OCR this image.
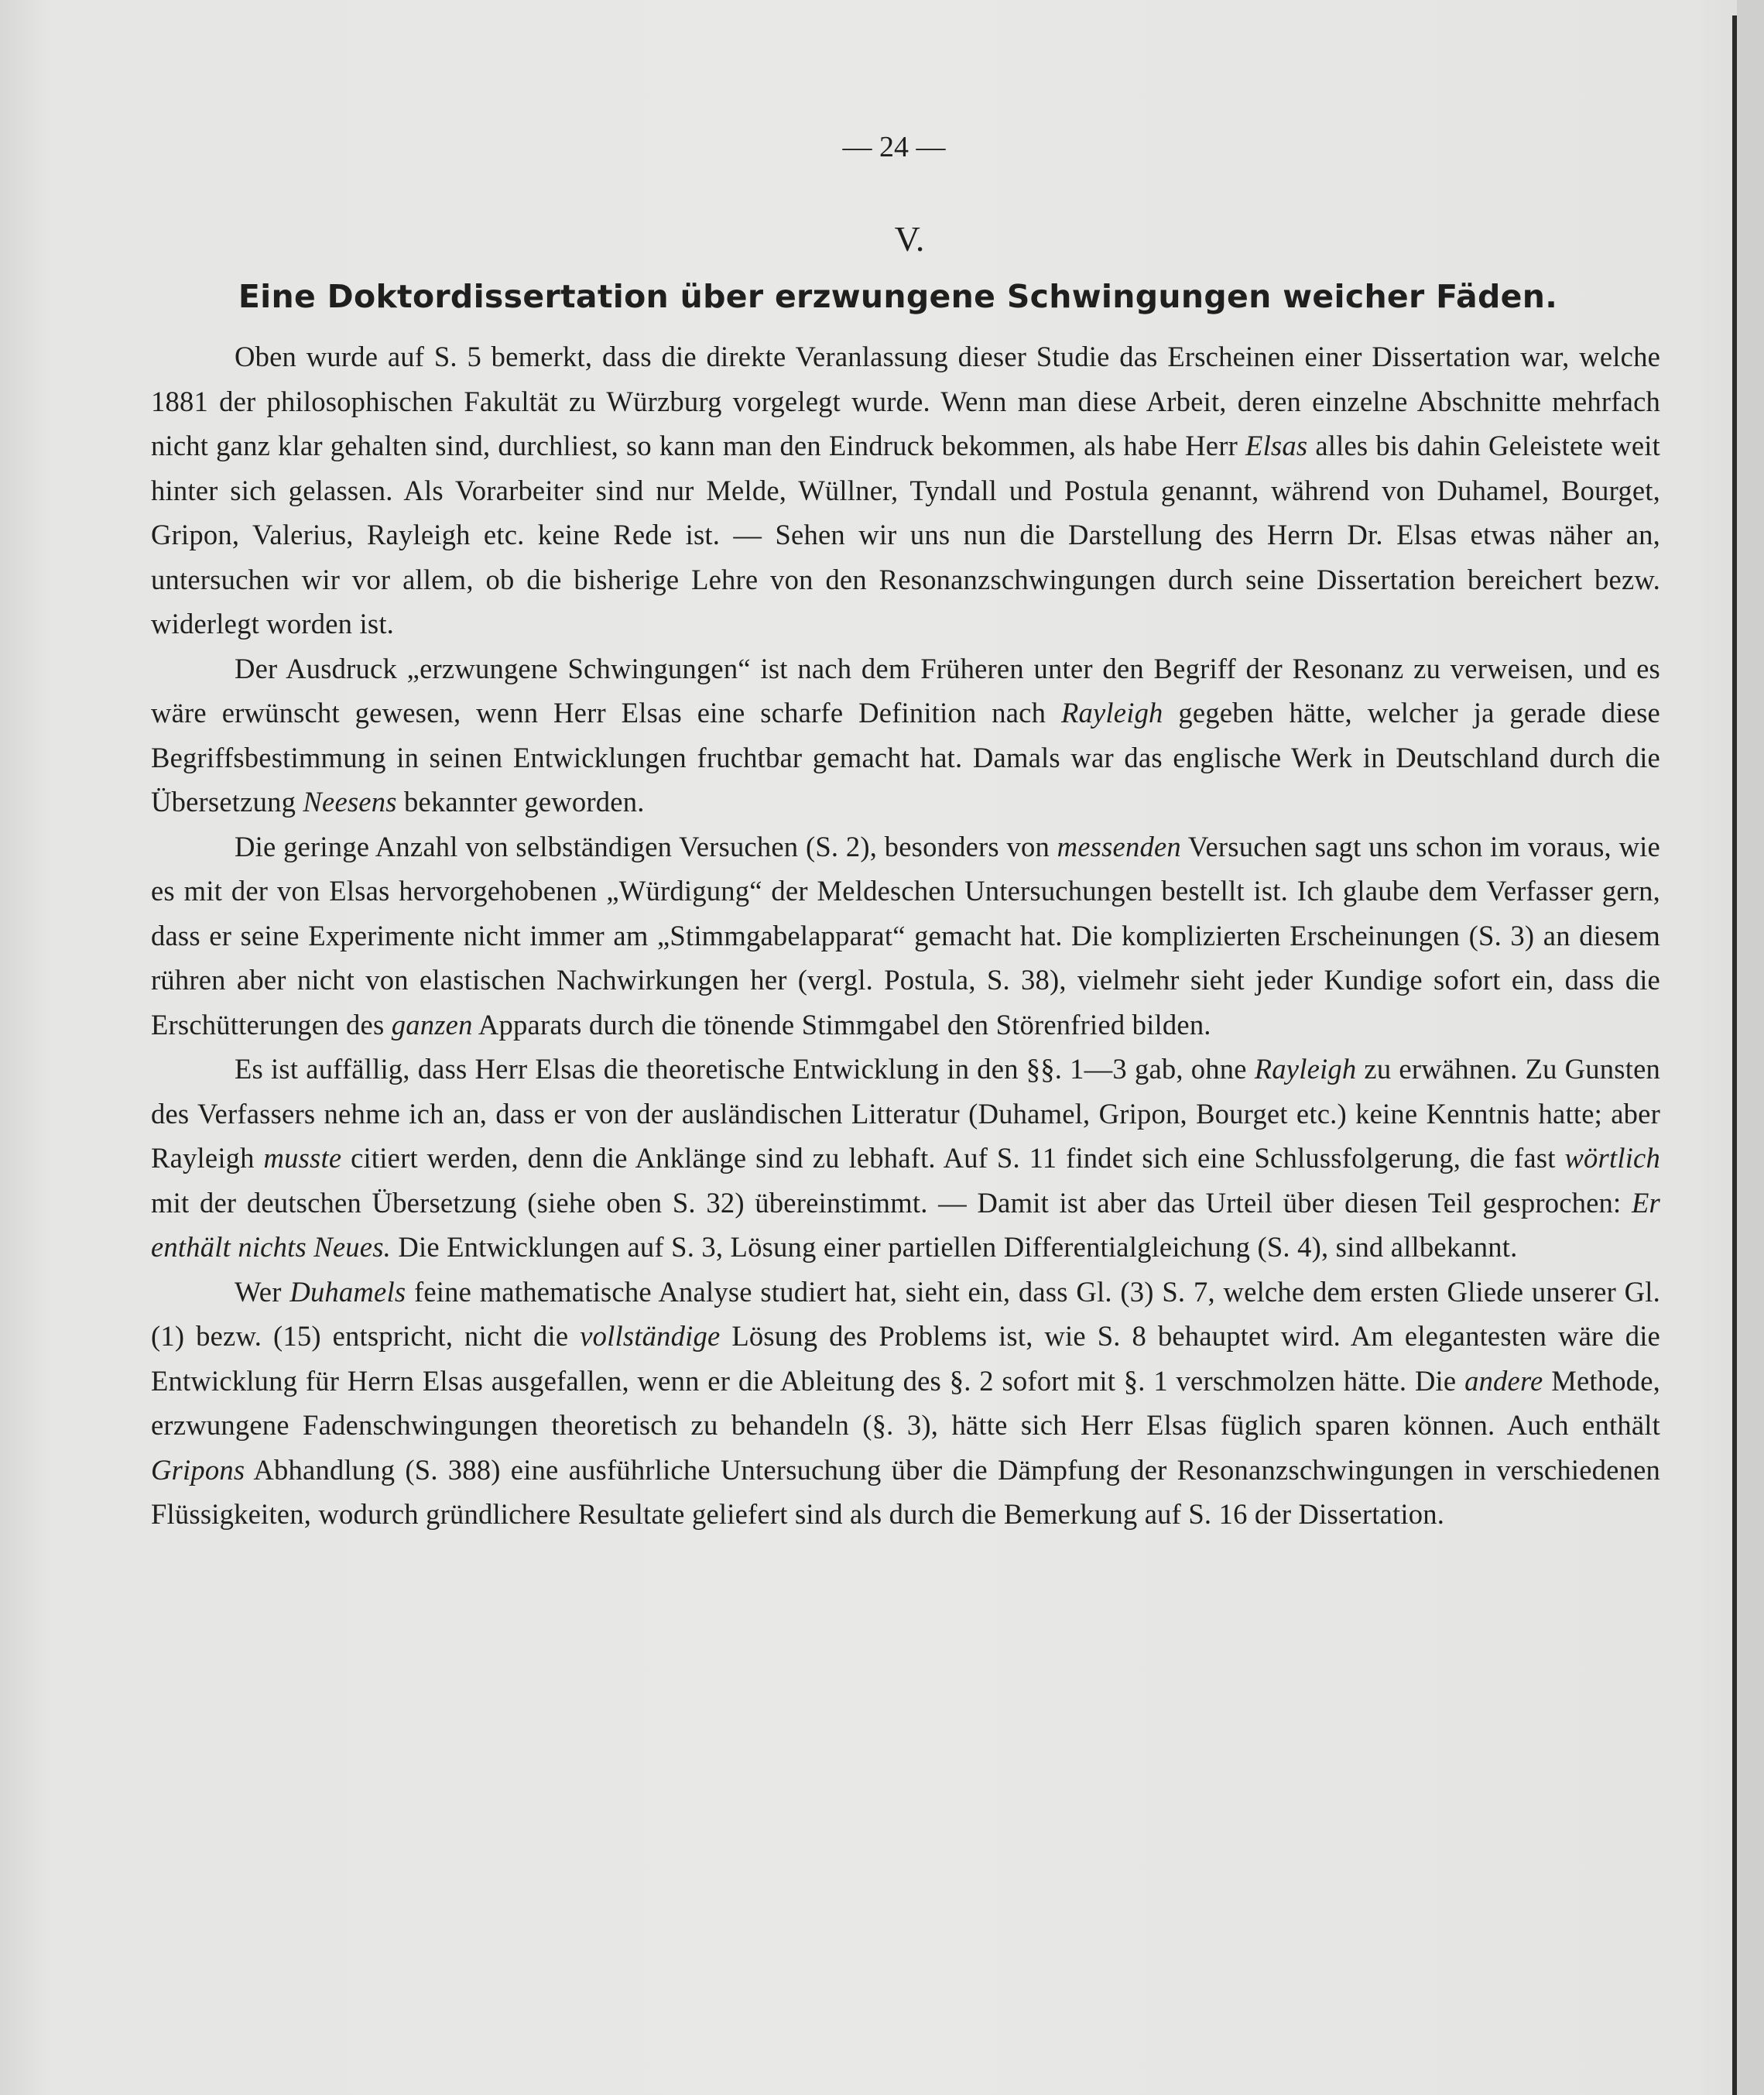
— 24 —
V.
Eine Doktordissertation über erzwungene Schwingungen weicher Fäden.

Oben wurde auf S. 5 bemerkt, dass die direkte Veranlassung dieser Studie das Erscheinen einer Dissertation war, welche 1881 der philosophischen Fakultät zu Würzburg vorgelegt wurde. Wenn man diese Arbeit, deren einzelne Abschnitte mehrfach nicht ganz klar gehalten sind, durchliest, so kann man den Eindruck bekommen, als habe Herr Elsas alles bis dahin Geleistete weit hinter sich gelassen. Als Vorarbeiter sind nur Melde, Wüllner, Tyndall und Postula genannt, während von Duhamel, Bourget, Gripon, Valerius, Rayleigh etc. keine Rede ist. — Sehen wir uns nun die Darstellung des Herrn Dr. Elsas etwas näher an, untersuchen wir vor allem, ob die bisherige Lehre von den Resonanzschwingungen durch seine Dissertation bereichert bezw. widerlegt worden ist.

Der Ausdruck „erzwungene Schwingungen“ ist nach dem Früheren unter den Begriff der Resonanz zu verweisen, und es wäre erwünscht gewesen, wenn Herr Elsas eine scharfe Definition nach Rayleigh gegeben hätte, welcher ja gerade diese Begriffsbestimmung in seinen Entwicklungen fruchtbar gemacht hat. Damals war das englische Werk in Deutschland durch die Übersetzung Neesens bekannter geworden.

Die geringe Anzahl von selbständigen Versuchen (S. 2), besonders von messenden Versuchen sagt uns schon im voraus, wie es mit der von Elsas hervorgehobenen „Würdigung“ der Meldeschen Untersuchungen bestellt ist. Ich glaube dem Verfasser gern, dass er seine Experimente nicht immer am „Stimmgabelapparat“ gemacht hat. Die komplizierten Erscheinungen (S. 3) an diesem rühren aber nicht von elastischen Nachwirkungen her (vergl. Postula, S. 38), vielmehr sieht jeder Kundige sofort ein, dass die Erschütterungen des ganzen Apparats durch die tönende Stimmgabel den Störenfried bilden.

Es ist auffällig, dass Herr Elsas die theoretische Entwicklung in den §§. 1—3 gab, ohne Rayleigh zu erwähnen. Zu Gunsten des Verfassers nehme ich an, dass er von der ausländischen Litteratur (Duhamel, Gripon, Bourget etc.) keine Kenntnis hatte; aber Rayleigh musste citiert werden, denn die Anklänge sind zu lebhaft. Auf S. 11 findet sich eine Schlussfolgerung, die fast wörtlich mit der deutschen Übersetzung (siehe oben S. 32) übereinstimmt. — Damit ist aber das Urteil über diesen Teil gesprochen: Er enthält nichts Neues. Die Entwicklungen auf S. 3, Lösung einer partiellen Differentialgleichung (S. 4), sind allbekannt.

Wer Duhamels feine mathematische Analyse studiert hat, sieht ein, dass Gl. (3) S. 7, welche dem ersten Gliede unserer Gl. (1) bezw. (15) entspricht, nicht die vollständige Lösung des Problems ist, wie S. 8 behauptet wird. Am elegantesten wäre die Entwicklung für Herrn Elsas ausgefallen, wenn er die Ableitung des §. 2 sofort mit §. 1 verschmolzen hätte. Die andere Methode, erzwungene Fadenschwingungen theoretisch zu behandeln (§. 3), hätte sich Herr Elsas füglich sparen können. Auch enthält Gripons Abhandlung (S. 388) eine ausführliche Untersuchung über die Dämpfung der Resonanzschwingungen in verschiedenen Flüssigkeiten, wodurch gründlichere Resultate geliefert sind als durch die Bemerkung auf S. 16 der Dissertation.
